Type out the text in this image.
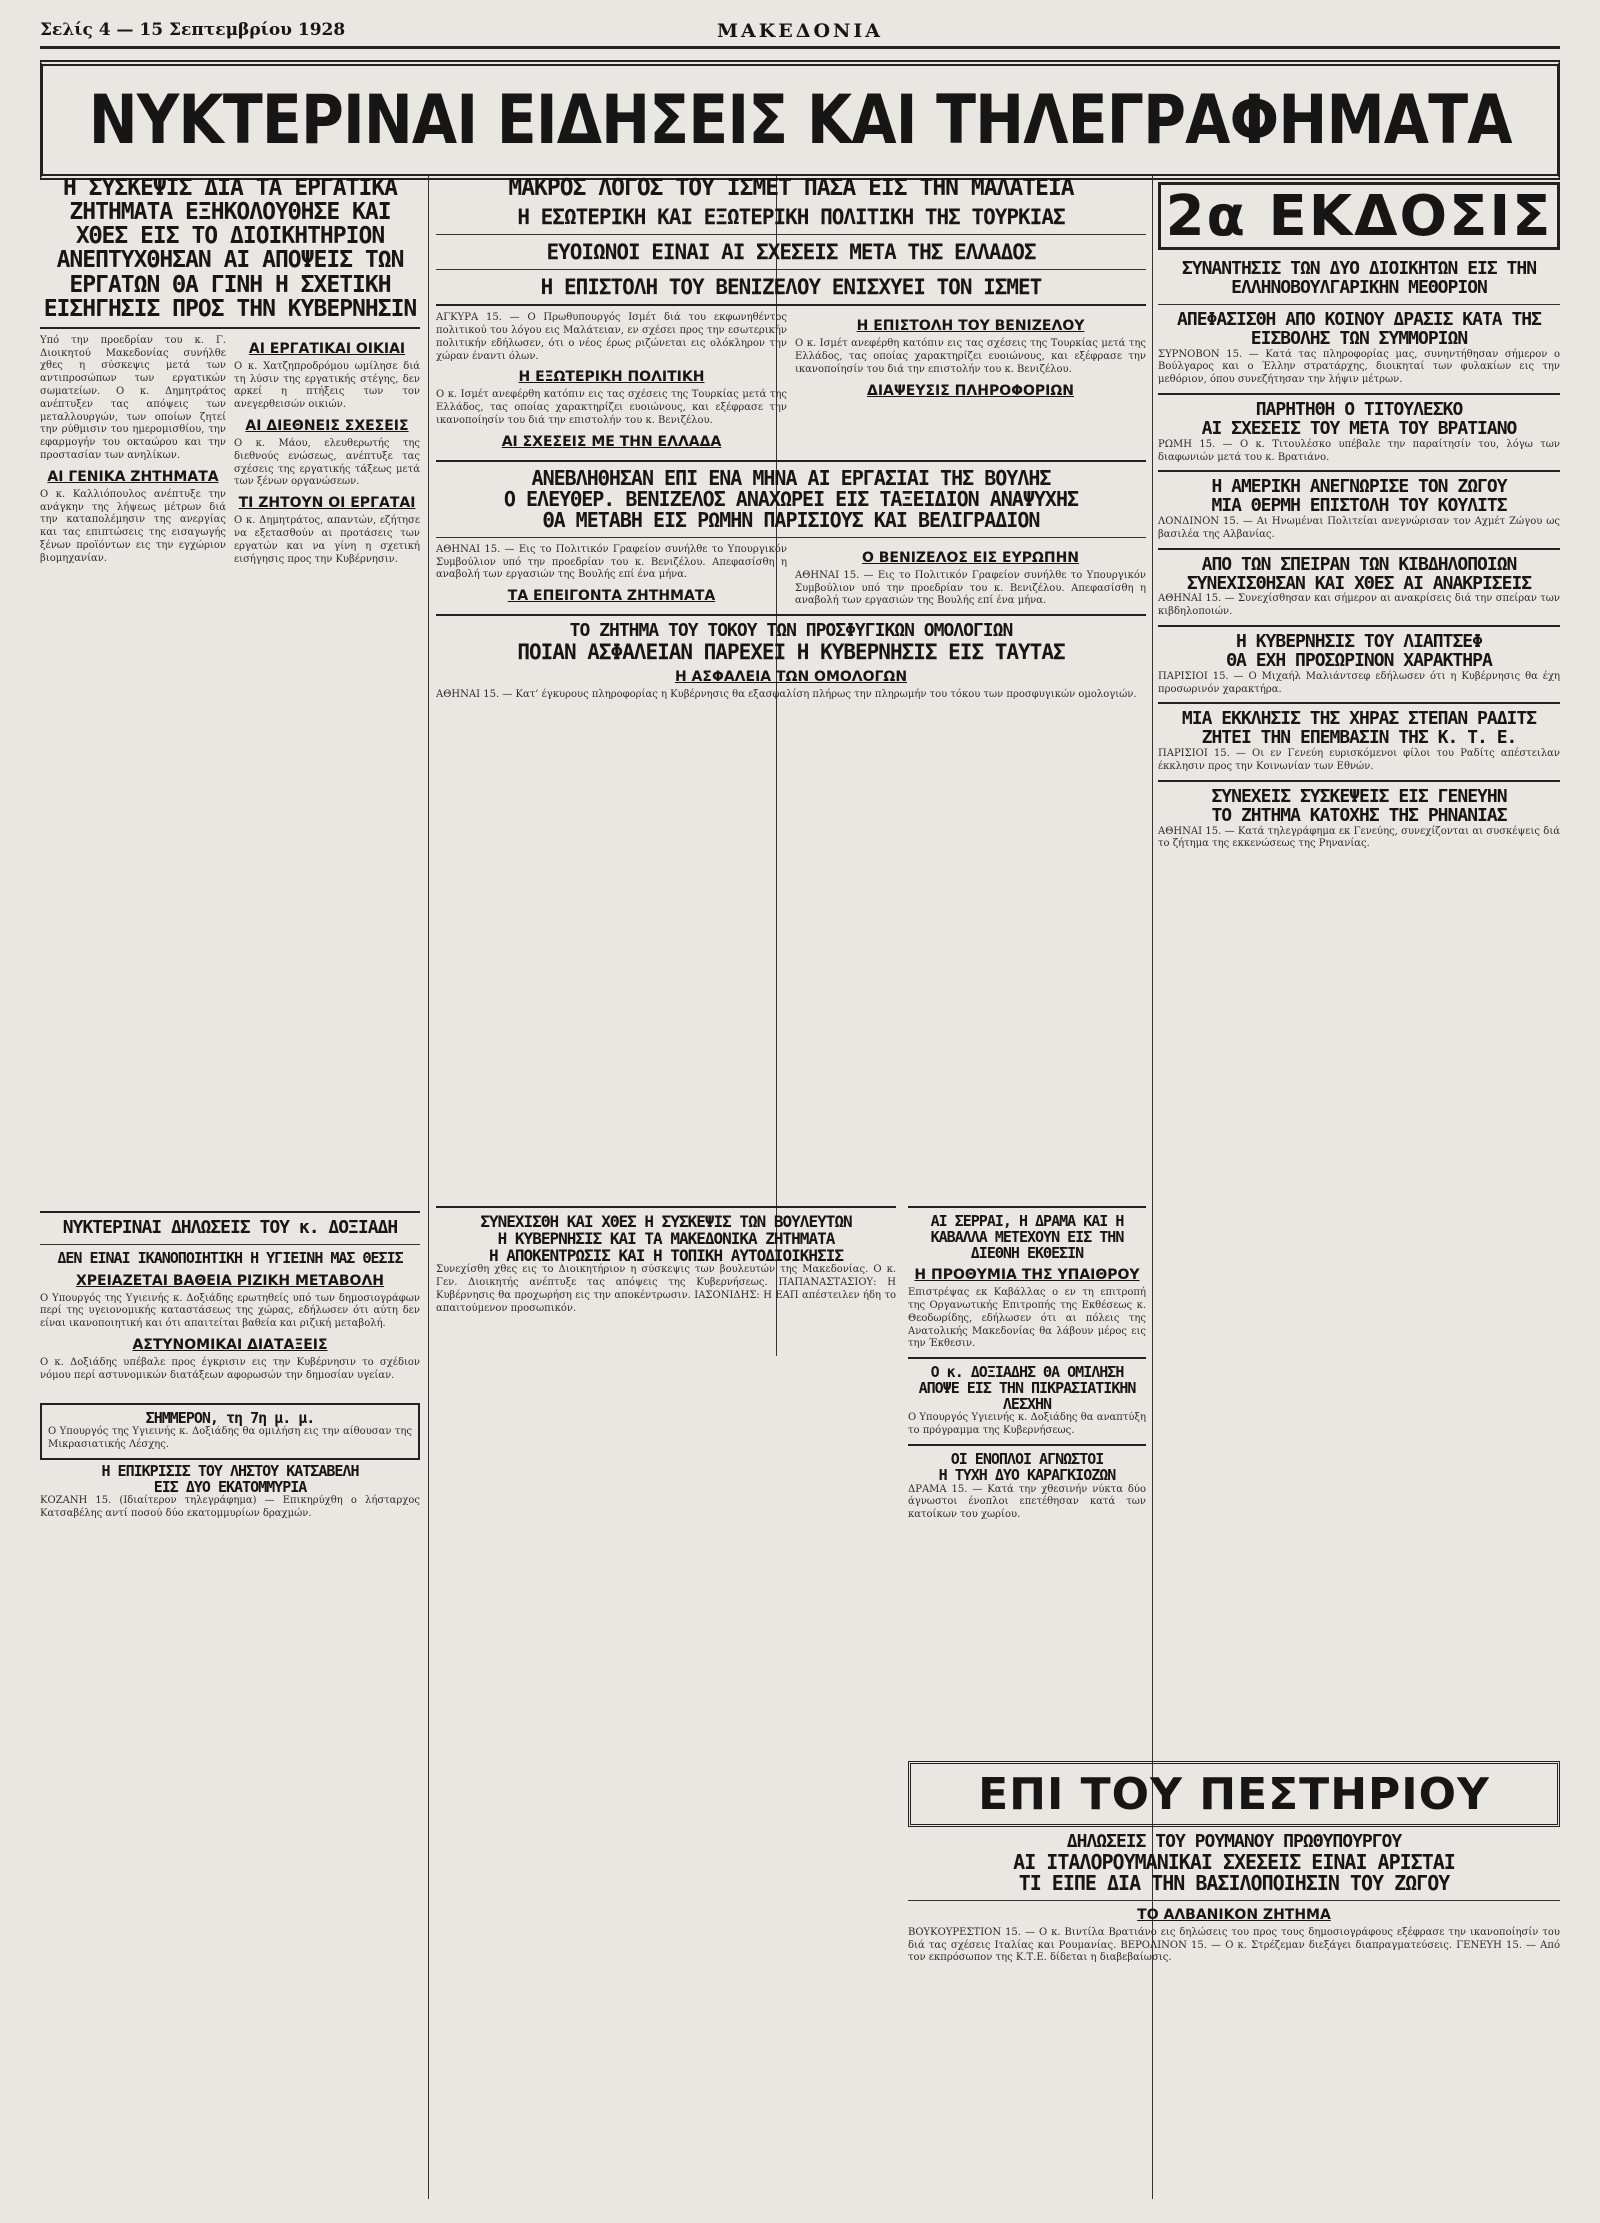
Σελίς 4 — 15 Σεπτεμβρίου 1928	ΜΑΚΕΔΟΝΙΑ
ΝΥΚΤΕΡΙΝΑΙ ΕΙΔΗΣΕΙΣ ΚΑΙ ΤΗΛΕΓΡΑΦΗΜΑΤΑ

Η ΣΥΣΚΕΨΙΣ ΔΙΑ ΤΑ ΕΡΓΑΤΙΚΑ ΖΗΤΗΜΑΤΑ ΕΞΗΚΟΛΟΥΘΗΣΕ ΚΑΙ ΧΘΕΣ ΕΙΣ ΤΟ ΔΙΟΙΚΗΤΗΡΙΟΝ ΑΝΕΠΤΥΧΘΗΣΑΝ ΑΙ ΑΠΟΨΕΙΣ ΤΩΝ ΕΡΓΑΤΩΝ ΘΑ ΓΙΝΗ Η ΣΧΕΤΙΚΗ ΕΙΣΗΓΗΣΙΣ ΠΡΟΣ ΤΗΝ ΚΥΒΕΡΝΗΣΙΝ

Υπό την προεδρίαν του κ. Γ. Διοικητού Μακεδονίας συνήλθε χθες η σύσκεψις μετά των αντιπροσώπων των εργατικών σωματείων. Ο κ. Δημητράτος ανέπτυξεν τας απόψεις των μεταλλουργών, των οποίων ζητεί την ρύθμισιν του ημερομισθίου, την εφαρμογήν του οκταώρου και την προστασίαν των ανηλίκων.

ΑΙ ΓΕΝΙΚΑ ΖΗΤΗΜΑΤΑ

Ο κ. Καλλιόπουλος ανέπτυξε την ανάγκην της λήψεως μέτρων διά την καταπολέμησιν της ανεργίας και τας επιπτώσεις της εισαγωγής ξένων προϊόντων εις την εγχώριον βιομηχανίαν.

ΑΙ ΕΡΓΑΤΙΚΑΙ ΟΙΚΙΑΙ

Ο κ. Χατζηπροδρόμου ωμίλησε διά τη λύσιν της εργατικής στέγης, δεν αρκεί η πτήξεις των τον ανεγερθεισών οικιών.

ΑΙ ΔΙΕΘΝΕΙΣ ΣΧΕΣΕΙΣ

Ο κ. Μάου, ελευθερωτής της διεθνούς ενώσεως, ανέπτυξε τας σχέσεις της εργατικής τάξεως μετά των ξένων οργανώσεων.

ΤΙ ΖΗΤΟΥΝ ΟΙ ΕΡΓΑΤΑΙ

Ο κ. Δημητράτος, απαντών, εζήτησε να εξετασθούν αι προτάσεις των εργατών και να γίνη η σχετική εισήγησις προς την Κυβέρνησιν.

ΝΥΚΤΕΡΙΝΑΙ ΔΗΛΩΣΕΙΣ ΤΟΥ κ. ΔΟΞΙΑΔΗ

ΔΕΝ ΕΙΝΑΙ ΙΚΑΝΟΠΟΙΗΤΙΚΗ Η ΥΓΙΕΙΝΗ ΜΑΣ ΘΕΣΙΣ

ΧΡΕΙΑΖΕΤΑΙ ΒΑΘΕΙΑ ΡΙΖΙΚΗ ΜΕΤΑΒΟΛΗ

Ο Υπουργός της Υγιεινής κ. Δοξιάδης ερωτηθείς υπό των δημοσιογράφων περί της υγειονομικής καταστάσεως της χώρας, εδήλωσεν ότι αύτη δεν είναι ικανοποιητική και ότι απαιτείται βαθεία και ριζική μεταβολή.

ΑΣΤΥΝΟΜΙΚΑΙ ΔΙΑΤΑΞΕΙΣ

Ο κ. Δοξιάδης υπέβαλε προς έγκρισιν εις την Κυβέρνησιν το σχέδιον νόμου περί αστυνομικών διατάξεων αφορωσών την δημοσίαν υγείαν.

ΣΗΜΜΕΡΟΝ, τη 7η μ. μ.

Ο Υπουργός της Υγιεινής κ. Δοξιάδης θα ομιλήση εις την αίθουσαν της Μικρασιατικής Λέσχης.

Η ΕΠΙΚΡΙΣΙΣ ΤΟΥ ΛΗΣΤΟΥ ΚΑΤΣΑΒΕΛΗ

ΕΙΣ ΔΥΟ ΕΚΑΤΟΜΜΥΡΙΑ

ΚΟΖΑΝΗ 15. (Ιδιαίτερον τηλεγράφημα) — Επικηρύχθη ο λήσταρχος Κατσαβέλης αντί ποσού δύο εκατομμυρίων δραχμών.

ΜΑΚΡΟΣ ΛΟΓΟΣ ΤΟΥ ΙΣΜΕΤ ΠΑΣΑ ΕΙΣ ΤΗΝ ΜΑΛΑΤΕΙΑ

Η ΕΣΩΤΕΡΙΚΗ ΚΑΙ ΕΞΩΤΕΡΙΚΗ ΠΟΛΙΤΙΚΗ ΤΗΣ ΤΟΥΡΚΙΑΣ

ΕΥΟΙΩΝΟΙ ΕΙΝΑΙ ΑΙ ΣΧΕΣΕΙΣ ΜΕΤΑ ΤΗΣ ΕΛΛΑΔΟΣ

Η ΕΠΙΣΤΟΛΗ ΤΟΥ ΒΕΝΙΖΕΛΟΥ ΕΝΙΣΧΥΕΙ ΤΟΝ ΙΣΜΕΤ

ΑΓΚΥΡΑ 15. — Ο Πρωθυπουργός Ισμέτ διά του εκφωνηθέντος πολιτικού του λόγου εις Μαλάτειαν, εν σχέσει προς την εσωτερικήν πολιτικήν εδήλωσεν, ότι ο νέος έρως ριζώνεται εις ολόκληρον την χώραν έναντι όλων.

Η ΕΞΩΤΕΡΙΚΗ ΠΟΛΙΤΙΚΗ

Ο κ. Ισμέτ ανεφέρθη κατόπιν εις τας σχέσεις της Τουρκίας μετά της Ελλάδος, τας οποίας χαρακτηρίζει ευοιώνους, και εξέφρασε την ικανοποίησίν του διά την επιστολήν του κ. Βενιζέλου.

ΑΙ ΣΧΕΣΕΙΣ ΜΕ ΤΗΝ ΕΛΛΑΔΑ

Η ΕΠΙΣΤΟΛΗ ΤΟΥ ΒΕΝΙΖΕΛΟΥ

Ο κ. Ισμέτ ανεφέρθη κατόπιν εις τας σχέσεις της Τουρκίας μετά της Ελλάδος, τας οποίας χαρακτηρίζει ευοιώνους, και εξέφρασε την ικανοποίησίν του διά την επιστολήν του κ. Βενιζέλου.

ΔΙΑΨΕΥΣΙΣ ΠΛΗΡΟΦΟΡΙΩΝ

ΑΝΕΒΛΗΘΗΣΑΝ ΕΠΙ ΕΝΑ ΜΗΝΑ ΑΙ ΕΡΓΑΣΙΑΙ ΤΗΣ ΒΟΥΛΗΣ

Ο ΕΛΕΥΘΕΡ. ΒΕΝΙΖΕΛΟΣ ΑΝΑΧΩΡΕΙ ΕΙΣ ΤΑΞΕΙΔΙΟΝ ΑΝΑΨΥΧΗΣ

ΘΑ ΜΕΤΑΒΗ ΕΙΣ ΡΩΜΗΝ ΠΑΡΙΣΙΟΥΣ ΚΑΙ ΒΕΛΙΓΡΑΔΙΟΝ

ΑΘΗΝΑΙ 15. — Εις το Πολιτικόν Γραφείον συνήλθε το Υπουργικόν Συμβούλιον υπό την προεδρίαν του κ. Βενιζέλου. Απεφασίσθη η αναβολή των εργασιών της Βουλής επί ένα μήνα.

ΤΑ ΕΠΕΙΓΟΝΤΑ ΖΗΤΗΜΑΤΑ

Ο ΒΕΝΙΖΕΛΟΣ ΕΙΣ ΕΥΡΩΠΗΝ

ΑΘΗΝΑΙ 15. — Εις το Πολιτικόν Γραφείον συνήλθε το Υπουργικόν Συμβούλιον υπό την προεδρίαν του κ. Βενιζέλου. Απεφασίσθη η αναβολή των εργασιών της Βουλής επί ένα μήνα.

ΤΟ ΖΗΤΗΜΑ ΤΟΥ ΤΟΚΟΥ ΤΩΝ ΠΡΟΣΦΥΓΙΚΩΝ ΟΜΟΛΟΓΙΩΝ

ΠΟΙΑΝ ΑΣΦΑΛΕΙΑΝ ΠΑΡΕΧΕΙ Η ΚΥΒΕΡΝΗΣΙΣ ΕΙΣ ΤΑΥΤΑΣ

Η ΑΣΦΑΛΕΙΑ ΤΩΝ ΟΜΟΛΟΓΩΝ

ΑΘΗΝΑΙ 15. — Κατ’ έγκυρους πληροφορίας η Κυβέρνησις θα εξασφαλίση πλήρως την πληρωμήν του τόκου των προσφυγικών ομολογιών.

ΣΥΝΕΧΙΣΘΗ ΚΑΙ ΧΘΕΣ Η ΣΥΣΚΕΨΙΣ ΤΩΝ ΒΟΥΛΕΥΤΩΝ

Η ΚΥΒΕΡΝΗΣΙΣ ΚΑΙ ΤΑ ΜΑΚΕΔΟΝΙΚΑ ΖΗΤΗΜΑΤΑ

Η ΑΠΟΚΕΝΤΡΩΣΙΣ ΚΑΙ Η ΤΟΠΙΚΗ ΑΥΤΟΔΙΟΙΚΗΣΙΣ

Συνεχίσθη χθες εις το Διοικητήριον η σύσκεψις των βουλευτών της Μακεδονίας. Ο κ. Γεν. Διοικητής ανέπτυξε τας απόψεις της Κυβερνήσεως. ΠΑΠΑΝΑΣΤΑΣΙΟΥ: Η Κυβέρνησις θα προχωρήση εις την αποκέντρωσιν. ΙΑΣΟΝΙΔΗΣ: Η ΕΑΠ απέστειλεν ήδη το απαιτούμενον προσωπικόν.

ΑΙ ΣΕΡΡΑΙ, Η ΔΡΑΜΑ ΚΑΙ Η ΚΑΒΑΛΛΑ ΜΕΤΕΧΟΥΝ ΕΙΣ ΤΗΝ ΔΙΕΘΝΗ ΕΚΘΕΣΙΝ

Η ΠΡΟΘΥΜΙΑ ΤΗΣ ΥΠΑΙΘΡΟΥ

Επιστρέψας εκ Καβάλλας ο εν τη επιτροπή της Οργανωτικής Επιτροπής της Εκθέσεως κ. Θεοδωρίδης, εδήλωσεν ότι αι πόλεις της Ανατολικής Μακεδονίας θα λάβουν μέρος εις την Έκθεσιν.

Ο κ. ΔΟΞΙΑΔΗΣ ΘΑ ΟΜΙΛΗΣΗ ΑΠΟΨΕ ΕΙΣ ΤΗΝ ΠΙΚΡΑΣΙΑΤΙΚΗΝ ΛΕΣΧΗΝ

Ο Υπουργός Υγιεινής κ. Δοξιάδης θα αναπτύξη το πρόγραμμα της Κυβερνήσεως.

ΟΙ ΕΝΟΠΛΟΙ ΑΓΝΩΣΤΟΙ

Η ΤΥΧΗ ΔΥΟ ΚΑΡΑΓΚΙΟΖΩΝ

ΔΡΑΜΑ 15. — Κατά την χθεσινήν νύκτα δύο άγνωστοι ένοπλοι επετέθησαν κατά των κατοίκων του χωρίου.

2α ΕΚΔΟΣΙΣ

ΣΥΝΑΝΤΗΣΙΣ ΤΩΝ ΔΥΟ ΔΙΟΙΚΗΤΩΝ ΕΙΣ ΤΗΝ ΕΛΛΗΝΟΒΟΥΛΓΑΡΙΚΗΝ ΜΕΘΟΡΙΟΝ

ΑΠΕΦΑΣΙΣΘΗ ΑΠΟ ΚΟΙΝΟΥ ΔΡΑΣΙΣ ΚΑΤΑ ΤΗΣ ΕΙΣΒΟΛΗΣ ΤΩΝ ΣΥΜΜΟΡΙΩΝ

ΣΥΡΝΟΒΟΝ 15. — Κατά τας πληροφορίας μας, συνηντήθησαν σήμερον ο Βούλγαρος και ο Έλλην στρατάρχης, διοικηταί των φυλακίων εις την μεθόριον, όπου συνεζήτησαν την λήψιν μέτρων.

ΠΑΡΗΤΗΘΗ Ο ΤΙΤΟΥΛΕΣΚΟ

ΑΙ ΣΧΕΣΕΙΣ ΤΟΥ ΜΕΤΑ ΤΟΥ ΒΡΑΤΙΑΝΟ

ΡΩΜΗ 15. — Ο κ. Τιτουλέσκο υπέβαλε την παραίτησίν του, λόγω των διαφωνιών μετά του κ. Βρατιάνο.

Η ΑΜΕΡΙΚΗ ΑΝΕΓΝΩΡΙΣΕ ΤΟΝ ΖΩΓΟΥ

ΜΙΑ ΘΕΡΜΗ ΕΠΙΣΤΟΛΗ ΤΟΥ ΚΟΥΛΙΤΣ

ΛΟΝΔΙΝΟΝ 15. — Αι Ηνωμέναι Πολιτείαι ανεγνώρισαν τον Αχμέτ Ζώγου ως βασιλέα της Αλβανίας.

ΑΠΟ ΤΩΝ ΣΠΕΙΡΑΝ ΤΩΝ ΚΙΒΔΗΛΟΠΟΙΩΝ

ΣΥΝΕΧΙΣΘΗΣΑΝ ΚΑΙ ΧΘΕΣ ΑΙ ΑΝΑΚΡΙΣΕΙΣ

ΑΘΗΝΑΙ 15. — Συνεχίσθησαν και σήμερον αι ανακρίσεις διά την σπείραν των κιβδηλοποιών.

Η ΚΥΒΕΡΝΗΣΙΣ ΤΟΥ ΛΙΑΠΤΣΕΦ

ΘΑ ΕΧΗ ΠΡΟΣΩΡΙΝΟΝ ΧΑΡΑΚΤΗΡΑ

ΠΑΡΙΣΙΟΙ 15. — Ο Μιχαήλ Μαλιάντσεφ εδήλωσεν ότι η Κυβέρνησις θα έχη προσωρινόν χαρακτήρα.

ΜΙΑ ΕΚΚΛΗΣΙΣ ΤΗΣ ΧΗΡΑΣ ΣΤΕΠΑΝ ΡΑΔΙΤΣ

ΖΗΤΕΙ ΤΗΝ ΕΠΕΜΒΑΣΙΝ ΤΗΣ Κ. Τ. Ε.

ΠΑΡΙΣΙΟΙ 15. — Οι εν Γενεύη ευρισκόμενοι φίλοι του Ραδίτς απέστειλαν έκκλησιν προς την Κοινωνίαν των Εθνών.

ΣΥΝΕΧΕΙΣ ΣΥΣΚΕΨΕΙΣ ΕΙΣ ΓΕΝΕΥΗΝ

ΤΟ ΖΗΤΗΜΑ ΚΑΤΟΧΗΣ ΤΗΣ ΡΗΝΑΝΙΑΣ

ΑΘΗΝΑΙ 15. — Κατά τηλεγράφημα εκ Γενεύης, συνεχίζονται αι συσκέψεις διά το ζήτημα της εκκενώσεως της Ρηνανίας.

ΕΠΙ ΤΟΥ ΠΕΣΤΗΡΙΟΥ

ΔΗΛΩΣΕΙΣ ΤΟΥ ΡΟΥΜΑΝΟΥ ΠΡΩΘΥΠΟΥΡΓΟΥ

ΑΙ ΙΤΑΛΟΡΟΥΜΑΝΙΚΑΙ ΣΧΕΣΕΙΣ ΕΙΝΑΙ ΑΡΙΣΤΑΙ

ΤΙ ΕΙΠΕ ΔΙΑ ΤΗΝ ΒΑΣΙΛΟΠΟΙΗΣΙΝ ΤΟΥ ΖΩΓΟΥ

ΤΟ ΑΛΒΑΝΙΚΟΝ ΖΗΤΗΜΑ

ΒΟΥΚΟΥΡΕΣΤΙΟΝ 15. — Ο κ. Βιντίλα Βρατιάνο εις δηλώσεις του προς τους δημοσιογράφους εξέφρασε την ικανοποίησίν του διά τας σχέσεις Ιταλίας και Ρουμανίας. ΒΕΡΟΛΙΝΟΝ 15. — Ο κ. Στρέζεμαν διεξάγει διαπραγματεύσεις. ΓΕΝΕΥΗ 15. — Από τον εκπρόσωπον της Κ.Τ.Ε. δίδεται η διαβεβαίωσις.
